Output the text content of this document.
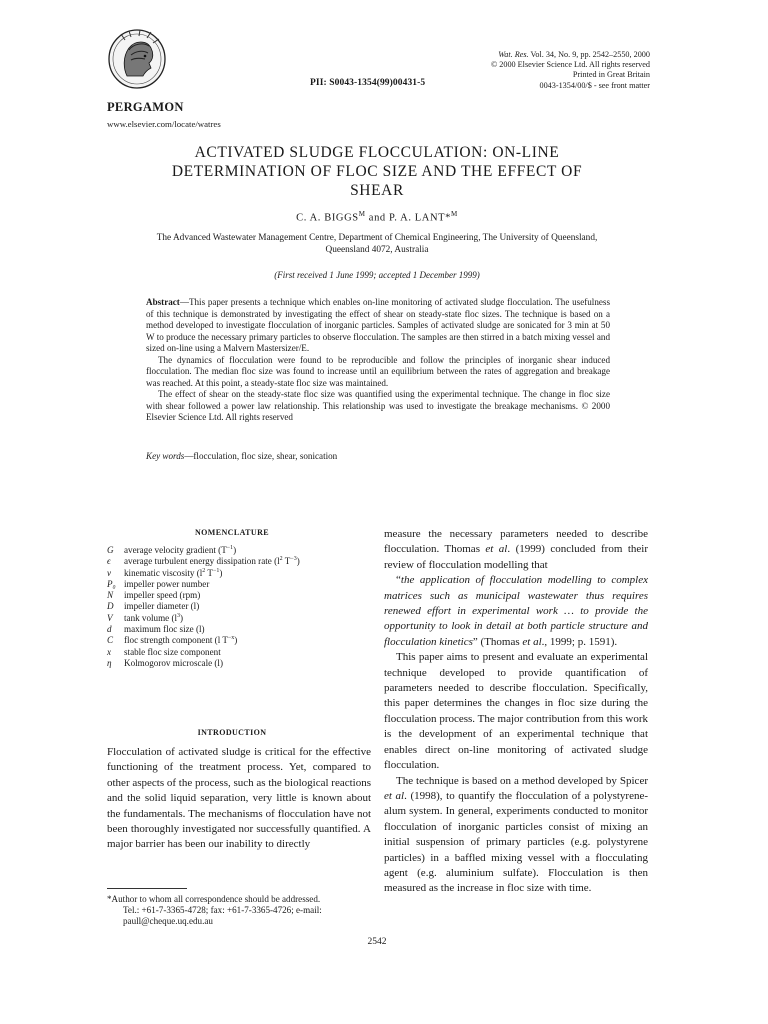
PII: S0043-1354(99)00431-5
Wat. Res. Vol. 34, No. 9, pp. 2542–2550, 2000
© 2000 Elsevier Science Ltd. All rights reserved
Printed in Great Britain
0043-1354/00/$ - see front matter
PERGAMON
www.elsevier.com/locate/watres
ACTIVATED SLUDGE FLOCCULATION: ON-LINE
DETERMINATION OF FLOC SIZE AND THE EFFECT OF
SHEAR
C. A. $BIGGS^M$ and P. A. LANT*$^M$
The Advanced Wastewater Management Centre, Department of Chemical Engineering, The University of Queensland, Queensland 4072, Australia
(First received 1 June 1999; accepted 1 December 1999)

Abstract—This paper presents a technique which enables on-line monitoring of activated sludge flocculation. The usefulness of this technique is demonstrated by investigating the effect of shear on steady-state floc sizes. The technique is based on a method developed to investigate flocculation of inorganic particles. Samples of activated sludge are sonicated for 3 min at 50 W to produce the necessary primary particles to observe flocculation. The samples are then stirred in a batch mixing vessel and sized on-line using a Malvern Mastersizer/E.

The dynamics of flocculation were found to be reproducible and follow the principles of inorganic shear induced flocculation. The median floc size was found to increase until an equilibrium between the rates of aggregation and breakage was reached. At this point, a steady-state floc size was maintained.

The effect of shear on the steady-state floc size was quantified using the experimental technique. The change in floc size with shear followed a power law relationship. This relationship was used to investigate the breakage mechanisms. © 2000 Elsevier Science Ltd. All rights reserved

Key words—flocculation, floc size, shear, sonication
NOMENCLATURE
G	average velocity gradient $(T^{-1})$
ϵ	average turbulent energy dissipation rate ($l^2$ $T^{-3}$)
ν	kinematic viscosity ($l^2$ $T^{-1}$)
P₀ impeller power number
N	impeller speed (rpm)
D	impeller diameter (l)
V	tank volume $(l^3)$
d	maximum floc size (l)
C	floc strength component (l $T^{-x}$)
x	stable floc size component
η	Kolmogorov microscale (l)
INTRODUCTION

Flocculation of activated sludge is critical for the effective functioning of the treatment process. Yet, compared to other aspects of the process, such as the biological reactions and the solid liquid separation, very little is known about the fundamentals. The mechanisms of flocculation have not been thoroughly investigated nor successfully quantified. A major barrier has been our inability to directly

*Author to whom all correspondence should be addressed.

Tel.: +61-7-3365-4728; fax: +61-7-3365-4726; e-mail: paull@cheque.uq.edu.au

measure the necessary parameters needed to describe flocculation. Thomas et al. (1999) concluded from their review of flocculation modelling that

“the application of flocculation modelling to complex matrices such as municipal wastewater thus requires renewed effort in experimental work … to provide the opportunity to look in detail at both particle structure and flocculation kinetics” (Thomas et al., 1999; p. 1591).

This paper aims to present and evaluate an experimental technique developed to provide quantification of parameters needed to describe flocculation. Specifically, this paper determines the changes in floc size during the flocculation process. The major contribution from this work is the development of an experimental technique that enables direct on-line monitoring of activated sludge flocculation.

The technique is based on a method developed by Spicer et al. (1998), to quantify the flocculation of a polystyrene-alum system. In general, experiments conducted to monitor flocculation of inorganic particles consist of mixing an initial suspension of primary particles (e.g. polystyrene particles) in a baffled mixing vessel with a flocculating agent (e.g. aluminium sulfate). Flocculation is then measured as the increase in floc size with time.

2542
